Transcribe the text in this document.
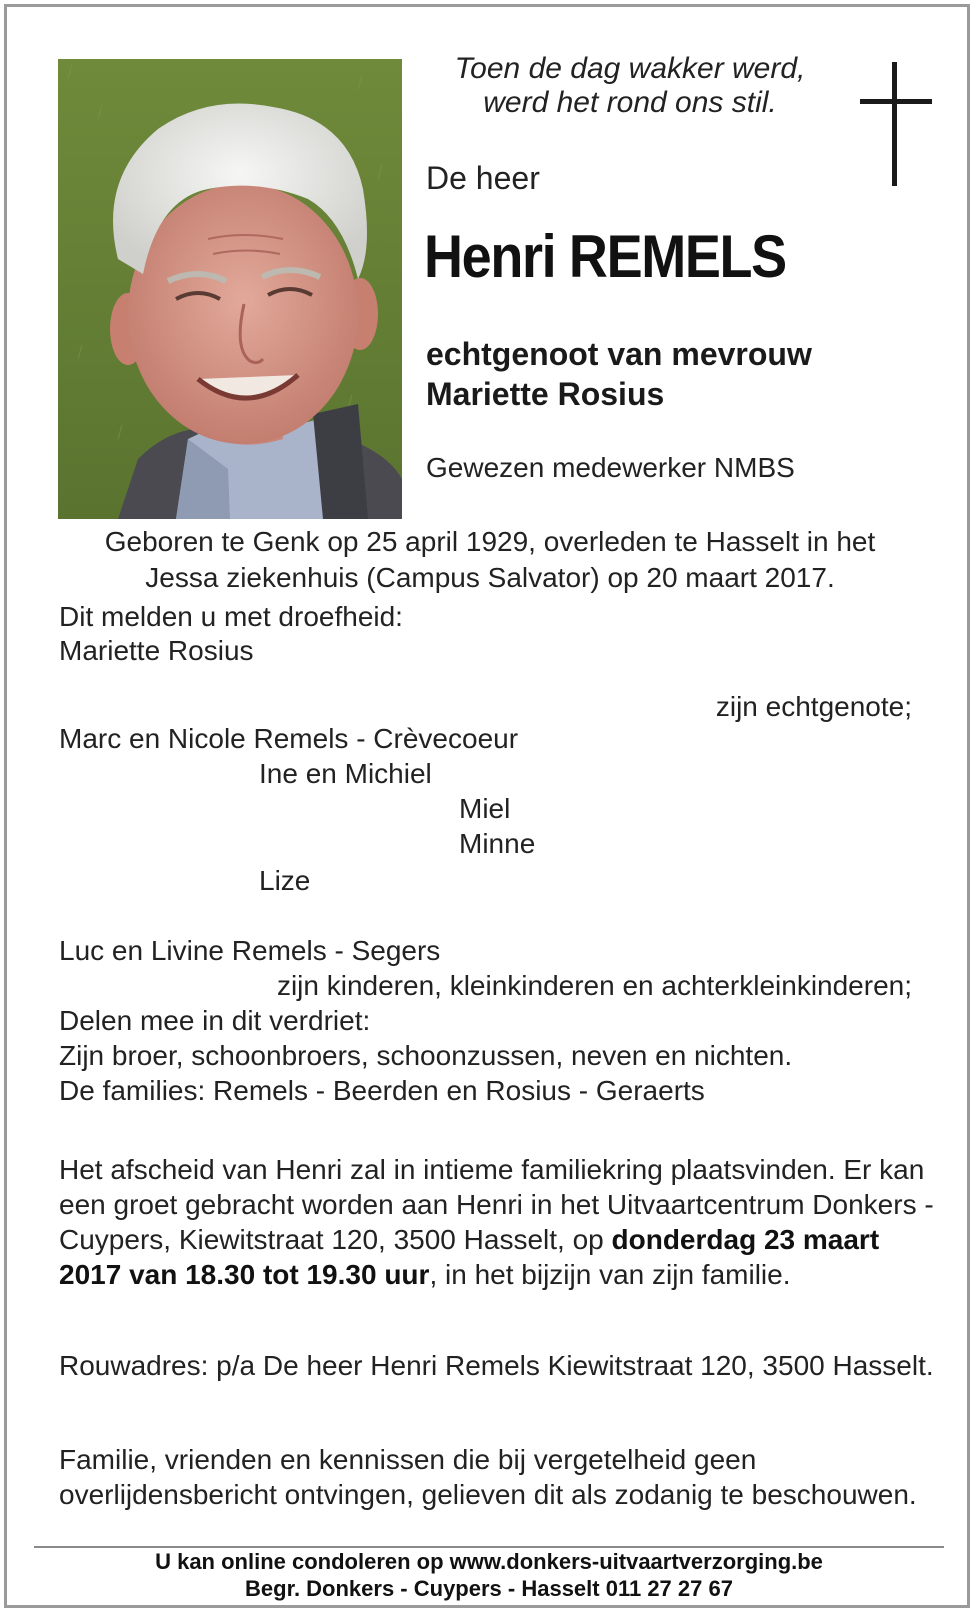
Toen de dag wakker werd,
werd het rond ons stil.
De heer
Henri REMELS
echtgenoot van mevrouw
Mariette Rosius
Gewezen medewerker NMBS
Geboren te Genk op 25 april 1929, overleden te Hasselt in het
Jessa ziekenhuis (Campus Salvator) op 20 maart 2017.
Dit melden u met droefheid:
Mariette Rosius
zijn echtgenote;
Marc en Nicole Remels - Crèvecoeur
Ine en Michiel
Miel
Minne
Lize
Luc en Livine Remels - Segers
zijn kinderen, kleinkinderen en achterkleinkinderen;
Delen mee in dit verdriet:
Zijn broer, schoonbroers, schoonzussen, neven en nichten.
De families: Remels - Beerden en Rosius - Geraerts
Het afscheid van Henri zal in intieme familiekring plaatsvinden. Er kan een groet gebracht worden aan Henri in het Uitvaartcentrum Donkers - Cuypers, Kiewitstraat 120, 3500 Hasselt, op donderdag 23 maart 2017 van 18.30 tot 19.30 uur, in het bijzijn van zijn familie.
Rouwadres: p/a De heer Henri Remels Kiewitstraat 120, 3500 Hasselt.
Familie, vrienden en kennissen die bij vergetelheid geen overlijdensbericht ontvingen, gelieven dit als zodanig te beschouwen.
U kan online condoleren op www.donkers-uitvaartverzorging.be
Begr. Donkers - Cuypers - Hasselt 011 27 27 67
